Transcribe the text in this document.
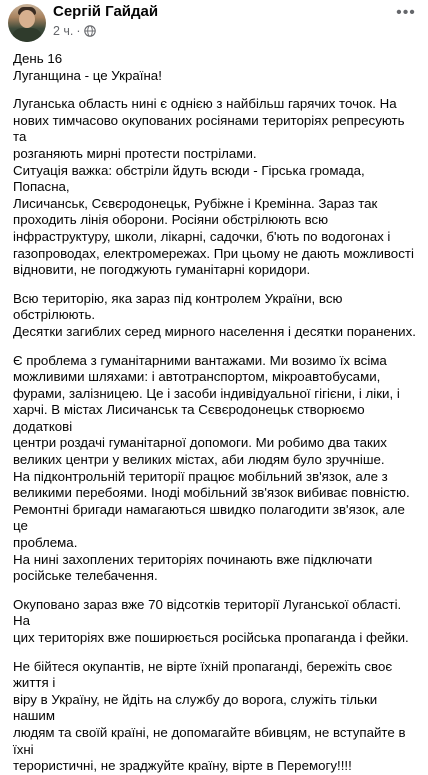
Сергій Гайдай
2 ч. ·
•••

День 16

Луганщина - це Україна!

Луганська область нині є однією з найбільш гарячих точок. На

нових тимчасово окупованих росіянами територіях репресують та

розганяють мирні протести пострілами.

Ситуація важка: обстріли йдуть всюди - Гірська громада, Попасна,

Лисичанськ, Сєвєродонецьк, Рубіжне і Кремінна. Зараз так

проходить лінія оборони. Росіяни обстрілюють всю

інфраструктуру, школи, лікарні, садочки, б'ють по водогонах і

газопроводах, електромережах. При цьому не дають можливості

відновити, не погоджують гуманітарні коридори.

Всю територію, яка зараз під контролем України, всю обстрілюють.

Десятки загиблих серед мирного населення і десятки поранених.

Є проблема з гуманітарними вантажами. Ми возимо їх всіма

можливими шляхами: і автотранспортом, мікроавтобусами,

фурами, залізницею. Це і засоби індивідуальної гігієни, і ліки, і

харчі. В містах Лисичанськ та Сєвєродонецьк створюємо додаткові

центри роздачі гуманітарної допомоги. Ми робимо два таких

великих центри у великих містах, аби людям було зручніше.

На підконтрольній території працює мобільний зв'язок, але з

великими перебоями. Іноді мобільний зв'язок вибиває повністю.

Ремонтні бригади намагаються швидко полагодити зв'язок, але це

проблема.

На нині захоплених територіях починають вже підключати

російське телебачення.

Окуповано зараз вже 70 відсотків території Луганської області. На

цих територіях вже поширюється російська пропаганда і фейки.

Не бійтеся окупантів, не вірте їхній пропаганді, бережіть своє життя і

віру в Україну, не йдіть на службу до ворога, служіть тільки нашим

людям та своїй країні, не допомагайте вбивцям, не вступайте в їхні

терористичні, не зраджуйте країну, вірте в Перемогу!!!!
